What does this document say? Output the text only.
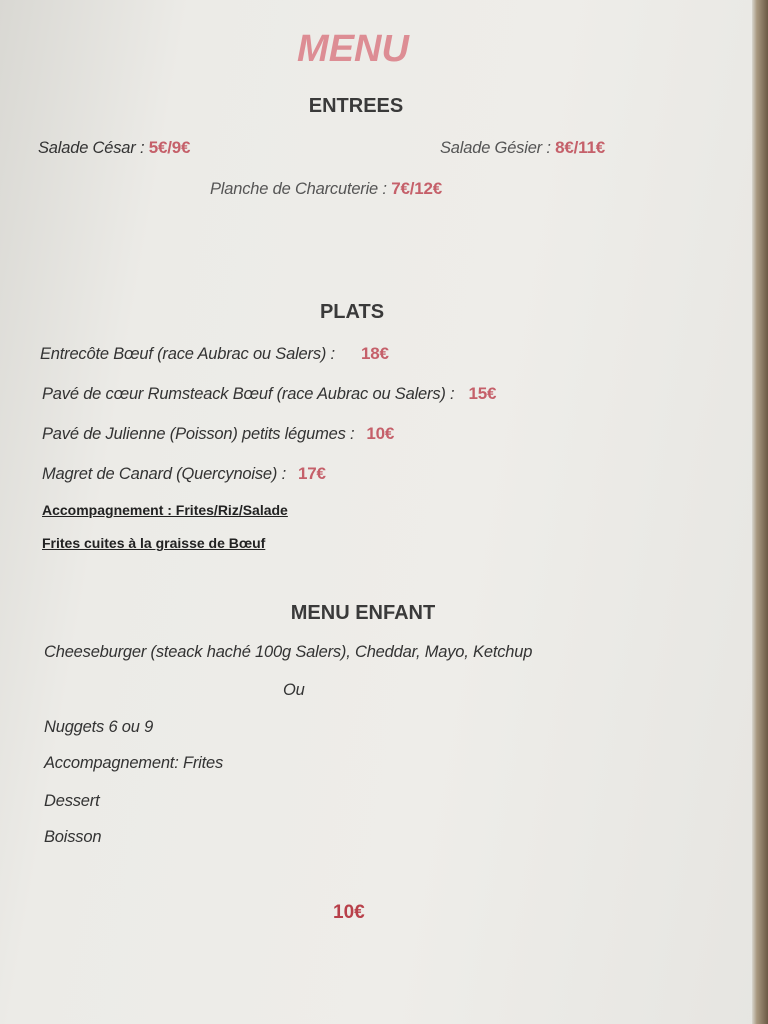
MENU
ENTREES
Salade César : 5€/9€	Salade Gésier : 8€/11€
Planche de Charcuterie : 7€/12€
PLATS
Entrecôte Bœuf (race Aubrac ou Salers) : 18€
Pavé de cœur Rumsteack Bœuf (race Aubrac ou Salers) : 15€
Pavé de Julienne (Poisson) petits légumes : 10€
Magret de Canard (Quercynoise) : 17€
Accompagnement : Frites/Riz/Salade
Frites cuites à la graisse de Bœuf
MENU ENFANT
Cheeseburger (steack haché 100g Salers), Cheddar, Mayo, Ketchup
Ou
Nuggets 6 ou 9
Accompagnement: Frites
Dessert
Boisson
10€
